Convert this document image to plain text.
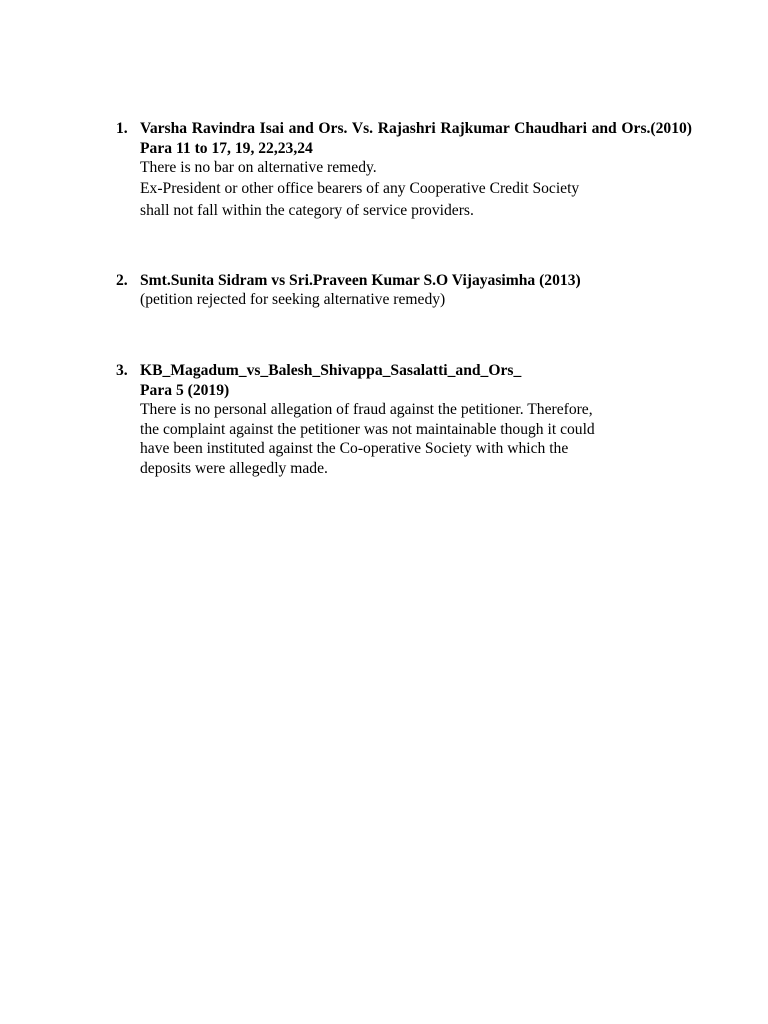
1. Varsha Ravindra Isai and Ors. Vs. Rajashri Rajkumar Chaudhari and Ors.(2010) Para 11 to 17, 19, 22,23,24
There is no bar on alternative remedy.
Ex-President or other office bearers of any Cooperative Credit Society
shall not fall within the category of service providers.
2. Smt.Sunita Sidram vs Sri.Praveen Kumar S.O Vijayasimha (2013)
(petition rejected for seeking alternative remedy)
3. KB_Magadum_vs_Balesh_Shivappa_Sasalatti_and_Ors_
Para 5 (2019)
There is no personal allegation of fraud against the petitioner. Therefore,
the complaint against the petitioner was not maintainable though it could
have been instituted against the Co-operative Society with which the
deposits were allegedly made.
